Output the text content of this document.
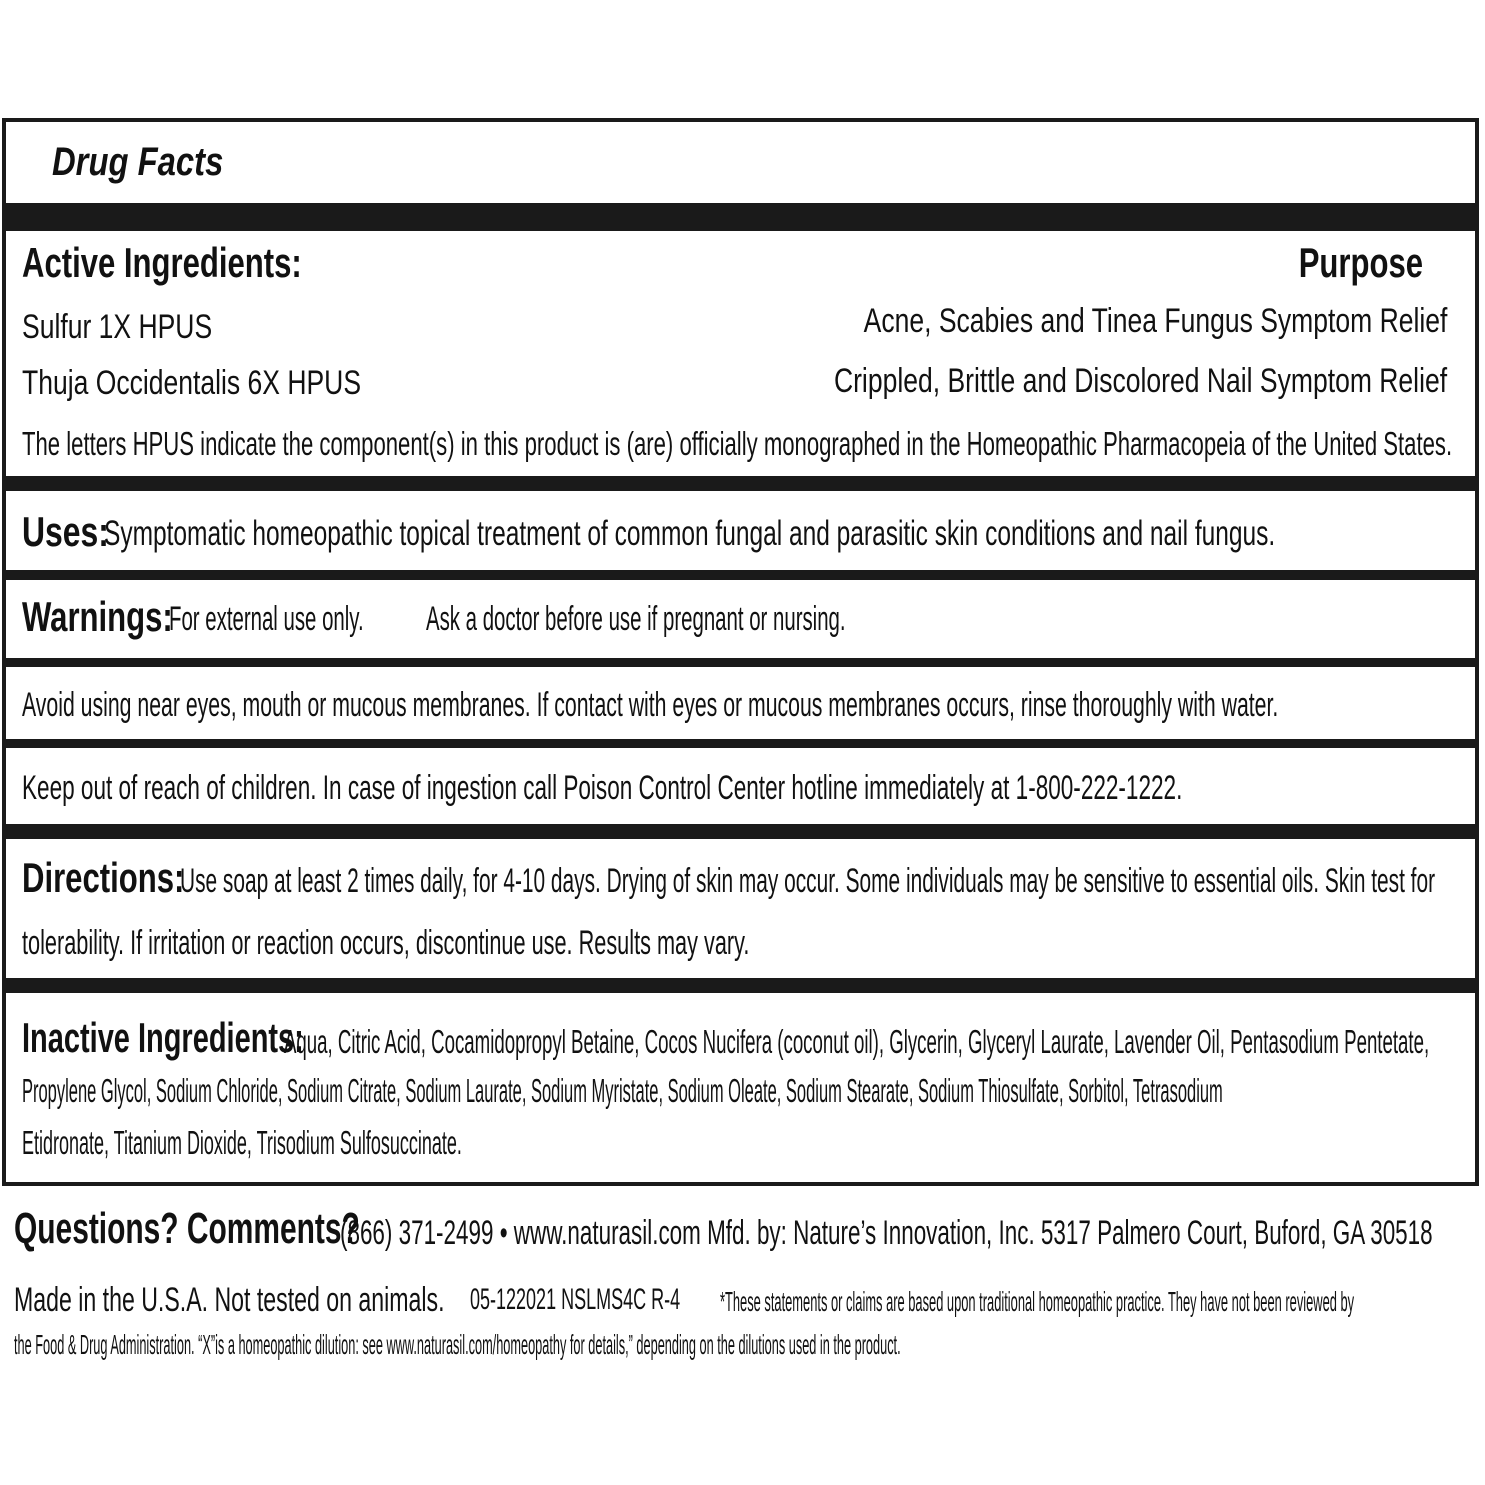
Drug Facts
Active Ingredients:	Purpose
Sulfur 1X HPUS	Acne, Scabies and Tinea Fungus Symptom Relief
Thuja Occidentalis 6X HPUS	Crippled, Brittle and Discolored Nail Symptom Relief
The letters HPUS indicate the component(s) in this product is (are) officially monographed in the Homeopathic Pharmacopeia of the United States.
Uses:
Symptomatic homeopathic topical treatment of common fungal and parasitic skin conditions and nail fungus.
Warnings:
For external use only. Ask a doctor before use if pregnant or nursing.
Avoid using near eyes, mouth or mucous membranes. If contact with eyes or mucous membranes occurs, rinse thoroughly with water.
Keep out of reach of children. In case of ingestion call Poison Control Center hotline immediately at 1-800-222-1222.
Directions:
Use soap at least 2 times daily, for 4-10 days. Drying of skin may occur. Some individuals may be sensitive to essential oils. Skin test for
tolerability. If irritation or reaction occurs, discontinue use. Results may vary.
Inactive Ingredients:
Aqua, Citric Acid, Cocamidopropyl Betaine, Cocos Nucifera (coconut oil), Glycerin, Glyceryl Laurate, Lavender Oil, Pentasodium Pentetate,
Propylene Glycol, Sodium Chloride, Sodium Citrate, Sodium Laurate, Sodium Myristate, Sodium Oleate, Sodium Stearate, Sodium Thiosulfate, Sorbitol, Tetrasodium
Etidronate, Titanium Dioxide, Trisodium Sulfosuccinate.
Questions? Comments?
(866) 371-2499 • www.naturasil.com Mfd. by: Nature’s Innovation, Inc. 5317 Palmero Court, Buford, GA 30518
Made in the U.S.A. Not tested on animals. 05-122021 NSLMS4C R-4 *These statements or claims are based upon traditional homeopathic practice. They have not been reviewed by
the Food & Drug Administration. “X”is a homeopathic dilution: see www.naturasil.com/homeopathy for details,” depending on the dilutions used in the product.
